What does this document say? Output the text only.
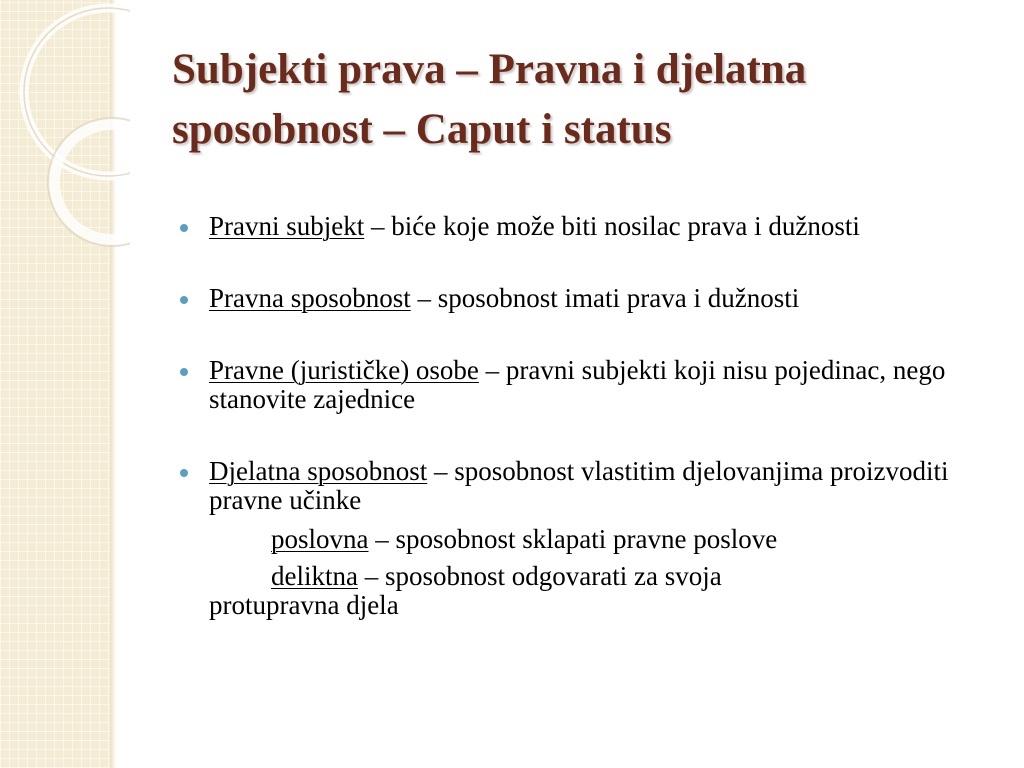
Subjekti prava – Pravna i djelatna sposobnost – Caput i status
Pravni subjekt – biće koje može biti nosilac prava i dužnosti
Pravna sposobnost – sposobnost imati prava i dužnosti
Pravne (jurističke) osobe – pravni subjekti koji nisu pojedinac, nego stanovite zajednice
Djelatna sposobnost – sposobnost vlastitim djelovanjima proizvoditi pravne učinke
poslovna – sposobnost sklapati pravne poslove
deliktna – sposobnost odgovarati za svoja
protupravna djela
